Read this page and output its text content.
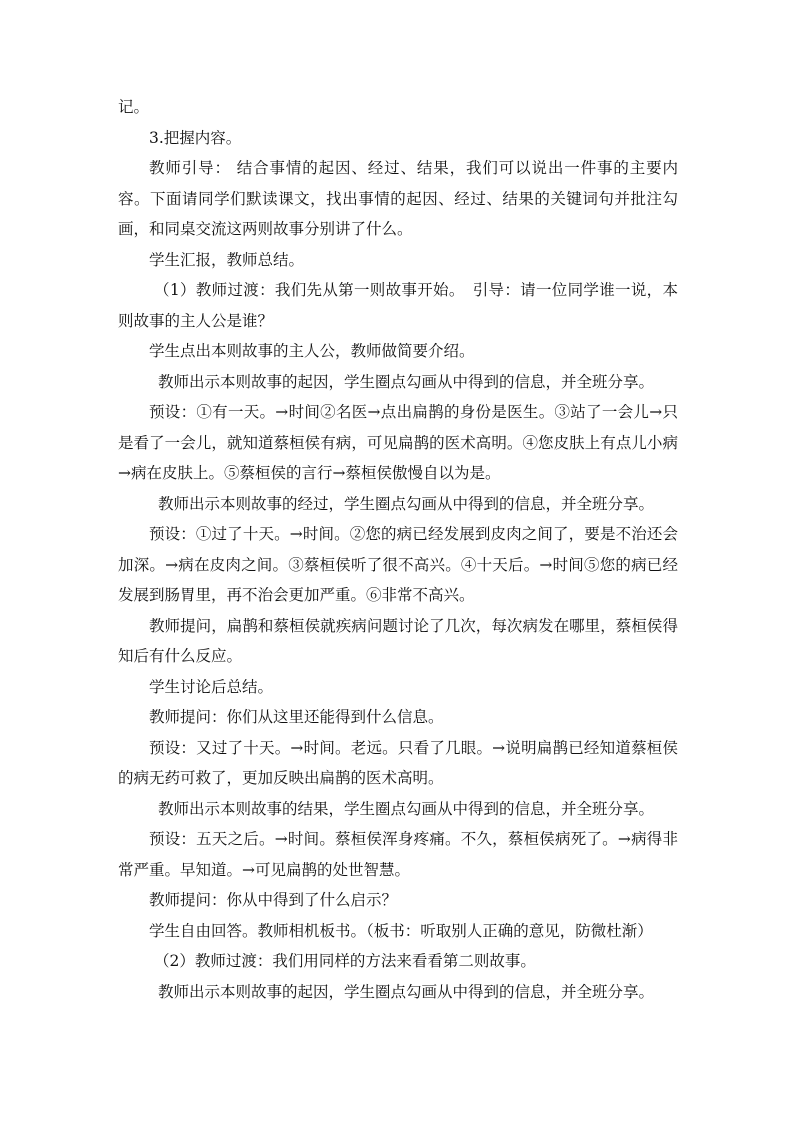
记。

3.把握内容。

教师引导： 结合事情的起因、经过、结果，我们可以说出一件事的主要内容。下面请同学们默读课文，找出事情的起因、经过、结果的关键词句并批注勾画，和同桌交流这两则故事分别讲了什么。

学生汇报，教师总结。

（1）教师过渡：我们先从第一则故事开始。　引导：请一位同学谁一说，本则故事的主人公是谁？

学生点出本则故事的主人公，教师做简要介绍。

教师出示本则故事的起因，学生圈点勾画从中得到的信息，并全班分享。

预设：①有一天。→时间②名医→点出扁鹊的身份是医生。③站了一会儿→只是看了一会儿，就知道蔡桓侯有病，可见扁鹊的医术高明。④您皮肤上有点儿小病→病在皮肤上。⑤蔡桓侯的言行→蔡桓侯傲慢自以为是。

教师出示本则故事的经过，学生圈点勾画从中得到的信息，并全班分享。

预设：①过了十天。→时间。②您的病已经发展到皮肉之间了，要是不治还会加深。→病在皮肉之间。③蔡桓侯听了很不高兴。④十天后。→时间⑤您的病已经发展到肠胃里，再不治会更加严重。⑥非常不高兴。

教师提问，扁鹊和蔡桓侯就疾病问题讨论了几次，每次病发在哪里，蔡桓侯得知后有什么反应。

学生讨论后总结。

教师提问：你们从这里还能得到什么信息。

预设：又过了十天。→时间。老远。只看了几眼。→说明扁鹊已经知道蔡桓侯的病无药可救了，更加反映出扁鹊的医术高明。

教师出示本则故事的结果，学生圈点勾画从中得到的信息，并全班分享。

预设：五天之后。→时间。蔡桓侯浑身疼痛。不久，蔡桓侯病死了。→病得非常严重。早知道。→可见扁鹊的处世智慧。

教师提问：你从中得到了什么启示？

学生自由回答。教师相机板书。（板书：听取别人正确的意见，防微杜渐）

（2）教师过渡：我们用同样的方法来看看第二则故事。

教师出示本则故事的起因，学生圈点勾画从中得到的信息，并全班分享。
